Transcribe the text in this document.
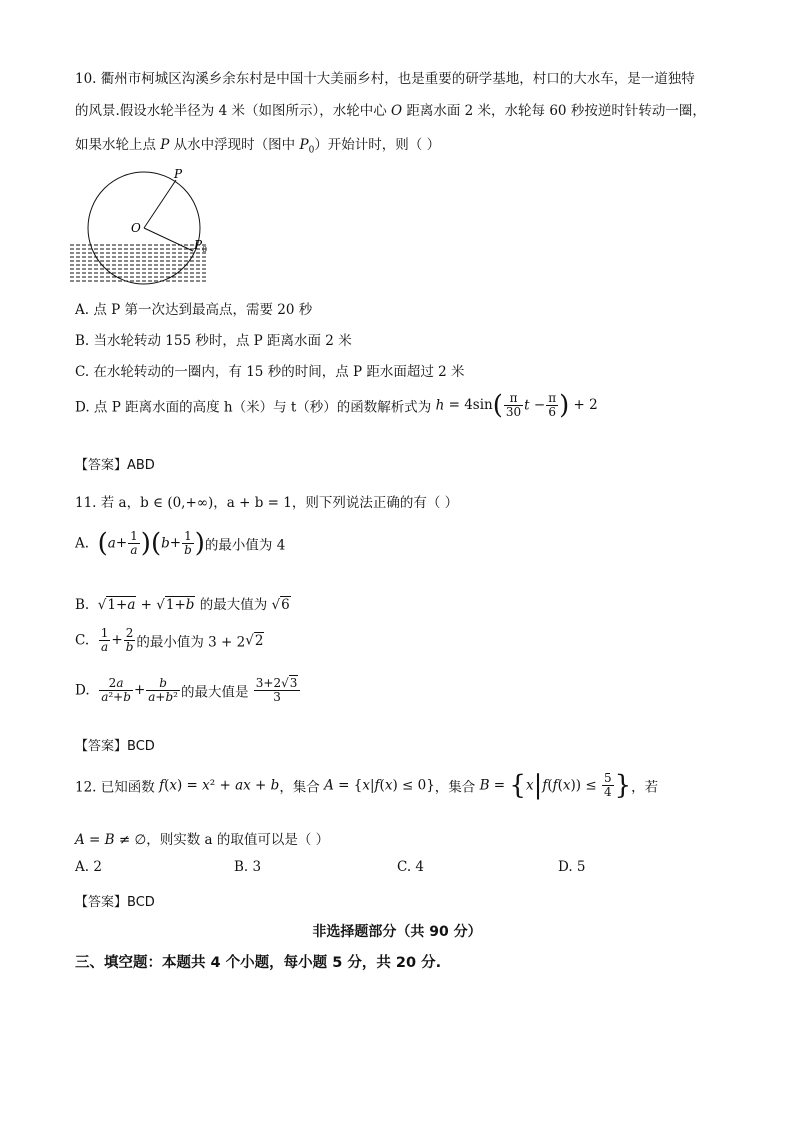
10. 衢州市柯城区沟溪乡余东村是中国十大美丽乡村，也是重要的研学基地，村口的大水车，是一道独特
的风景.假设水轮半径为 4 米（如图所示），水轮中心 O 距离水面 2 米，水轮每 60 秒按逆时针转动一圈，
如果水轮上点 P 从水中浮现时（图中 $P_0$）开始计时，则（ ）
P
O
P 0
A. 点 P 第一次达到最高点，需要 20 秒
B. 当水轮转动 155 秒时，点 P 距离水面 2 米
C. 在水轮转动的一圈内，有 15 秒的时间，点 P 距水面超过 2 米
D. 点 P 距离水面的高度 h（米）与 t（秒）的函数解析式为 $h = 4\sin( \frac{\pi}{30}$ $t - \frac{\pi}{6}$ ) + 2
【答案】ABD
11. 若 a，b ∈ (0,+∞)，a + b = 1，则下列说法正确的有（ ）
A.  $(a+ \frac{1}{a} )(b+ \frac{1}{b}$ )的最小值为 4
B.  √1+a + √1+b 的最大值为 √6
C. $\frac{1}{a} + \frac{2}{b}$ 的最小值为 3 + 2√2
D. $\frac{2a}{\text{a²+b}} + \frac{b}{\text{a+b²}}$ 的最大值是 $\frac{3+2√3}{3}$
【答案】BCD
12. 已知函数 f(x) = x² + ax + b，集合 A = {x|f(x) ≤ 0}，集合 $B = \{x|f(f(x)) \le \frac{5}{4}$ }，若
A = B ≠ ∅，则实数 a 的取值可以是（ ）
A. 2	B. 3	C. 4	D. 5
【答案】BCD
非选择题部分（共 90 分）
三、填空题：本题共 4 个小题，每小题 5 分，共 20 分.
